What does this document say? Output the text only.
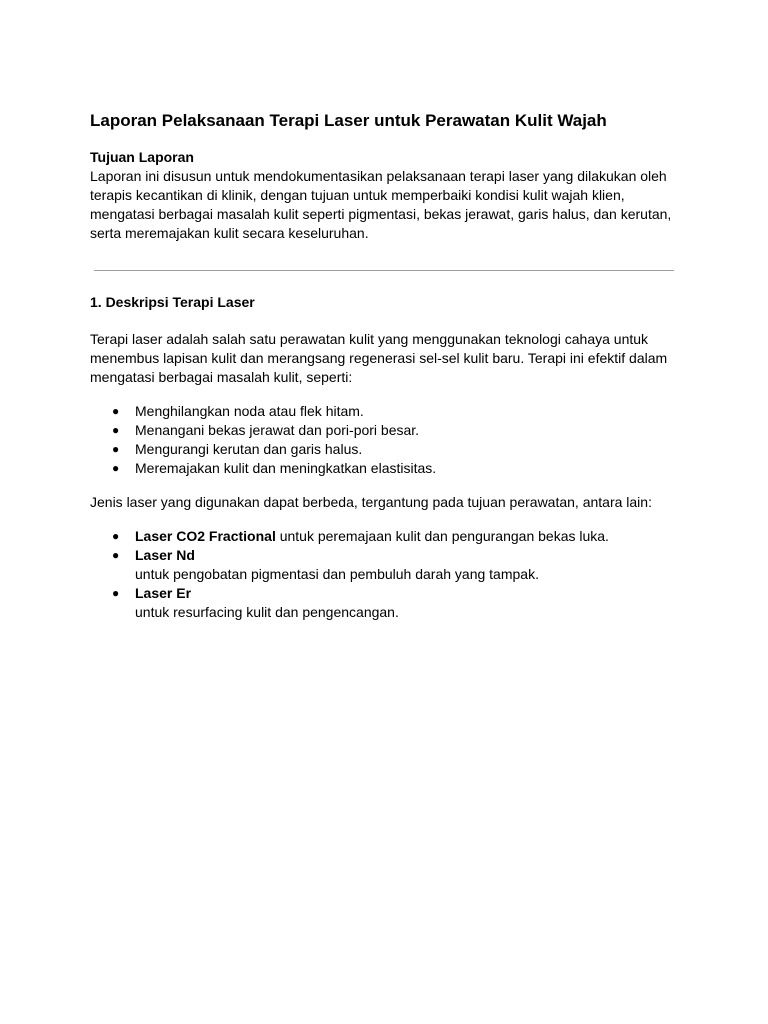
Laporan Pelaksanaan Terapi Laser untuk Perawatan Kulit Wajah

Tujuan Laporan

Laporan ini disusun untuk mendokumentasikan pelaksanaan terapi laser yang dilakukan oleh terapis kecantikan di klinik, dengan tujuan untuk memperbaiki kondisi kulit wajah klien, mengatasi berbagai masalah kulit seperti pigmentasi, bekas jerawat, garis halus, dan kerutan, serta meremajakan kulit secara keseluruhan.

1. Deskripsi Terapi Laser

Terapi laser adalah salah satu perawatan kulit yang menggunakan teknologi cahaya untuk menembus lapisan kulit dan merangsang regenerasi sel-sel kulit baru. Terapi ini efektif dalam mengatasi berbagai masalah kulit, seperti:

● Menghilangkan noda atau flek hitam.
● Menangani bekas jerawat dan pori-pori besar.
● Mengurangi kerutan dan garis halus.
● Meremajakan kulit dan meningkatkan elastisitas.

Jenis laser yang digunakan dapat berbeda, tergantung pada tujuan perawatan, antara lain:

● Laser CO2 Fractional untuk peremajaan kulit dan pengurangan bekas luka.
● Laser Nd
untuk pengobatan pigmentasi dan pembuluh darah yang tampak.
● Laser Er
untuk resurfacing kulit dan pengencangan.
